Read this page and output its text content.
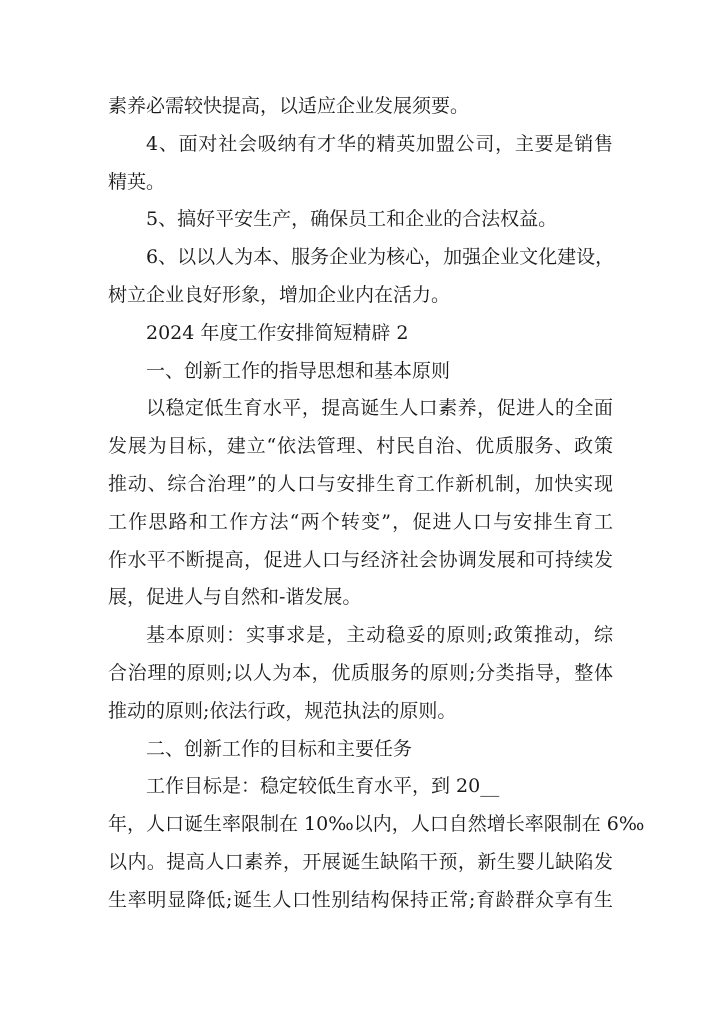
素养必需较快提高，以适应企业发展须要。
4、面对社会吸纳有才华的精英加盟公司，主要是销售
精英。
5、搞好平安生产，确保员工和企业的合法权益。
6、以以人为本、服务企业为核心，加强企业文化建设，
树立企业良好形象，增加企业内在活力。
2024 年度工作安排简短精辟 2
一、创新工作的指导思想和基本原则
以稳定低生育水平，提高诞生人口素养，促进人的全面
发展为目标，建立“依法管理、村民自治、优质服务、政策
推动、综合治理”的人口与安排生育工作新机制，加快实现
工作思路和工作方法“两个转变”，促进人口与安排生育工
作水平不断提高，促进人口与经济社会协调发展和可持续发
展，促进人与自然和-谐发展。
基本原则：实事求是，主动稳妥的原则;政策推动，综
合治理的原则;以人为本，优质服务的原则;分类指导，整体
推动的原则;依法行政，规范执法的原则。
二、创新工作的目标和主要任务
工作目标是：稳定较低生育水平，到 20__
年，人口诞生率限制在 10‰以内，人口自然增长率限制在 6‰
以内。提高人口素养，开展诞生缺陷干预，新生婴儿缺陷发
生率明显降低;诞生人口性别结构保持正常;育龄群众享有生
